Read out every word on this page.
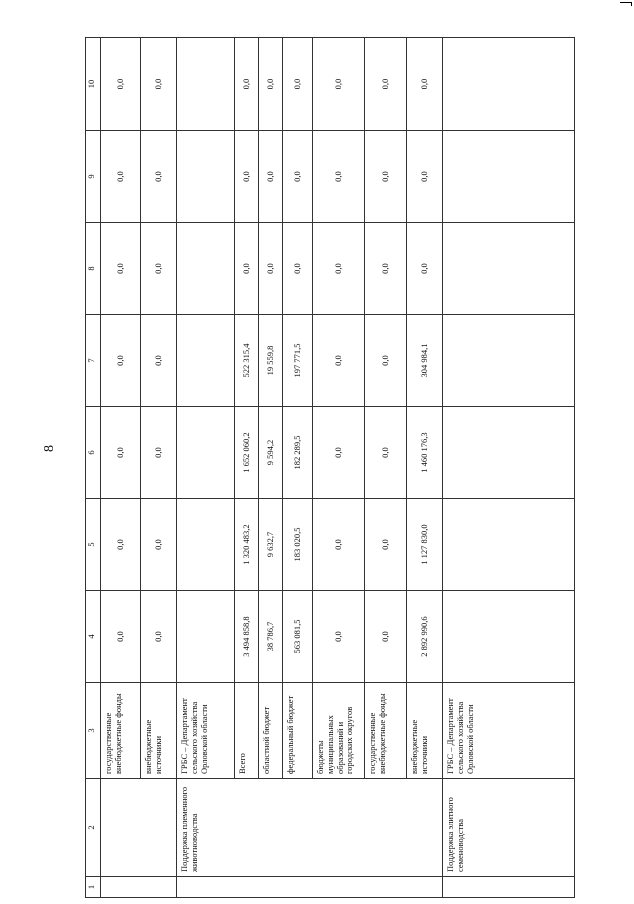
8
1	2	3	4	5	6	7	8	9	10
		государственные внебюджетные фонды	0,0	0,0	0,0	0,0	0,0	0,0	0,0
		внебюджетные источники	0,0	0,0	0,0	0,0	0,0	0,0	0,0
	Поддержка племенного животноводства	ГРБС – Департамент сельского хозяйства Орловской области							
		Всего	3 494 858,8	1 320 483,2	1 652 060,2	522 315,4	0,0	0,0	0,0
		областной бюджет	38 786,7	9 632,7	9 594,2	19 559,8	0,0	0,0	0,0
		федеральный бюджет	563 081,5	183 020,5	182 289,5	197 771,5	0,0	0,0	0,0
		бюджеты муниципальных образований и городских округов	0,0	0,0	0,0	0,0	0,0	0,0	0,0
		государственные внебюджетные фонды	0,0	0,0	0,0	0,0	0,0	0,0	0,0
		внебюджетные источники	2 892 990,6	1 127 830,0	1 460 176,3	304 984,1	0,0	0,0	0,0
	Поддержка элитного семеноводства	ГРБС – Департамент сельского хозяйства Орловской области							
